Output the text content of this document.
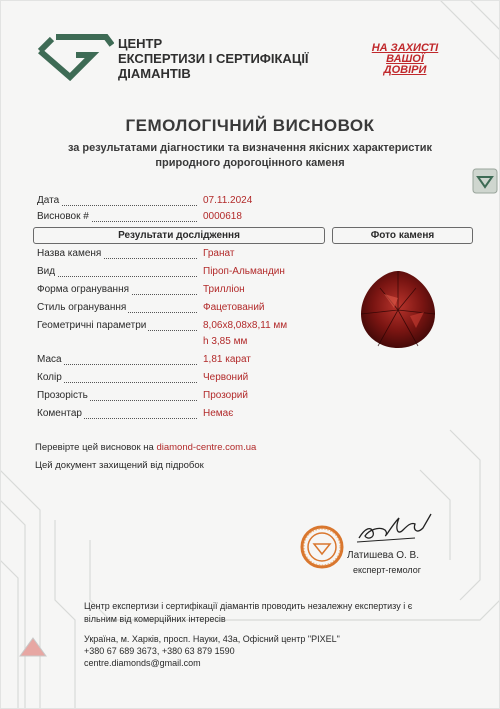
ЦЕНТР
ЕКСПЕРТИЗИ І СЕРТИФІКАЦІЇ
ДІАМАНТІВ
НА ЗАХИСТІ
ВАШОЇ
ДОВІРИ
ГЕМОЛОГІЧНИЙ ВИСНОВОК
за результатами діагностики та визначення якісних характеристик
природного дорогоцінного каменя
Дата	07.11.2024
Висновок #	0000618
Результати дослідження	Фото каменя
Назва каменя	Гранат
Вид	Піроп-Альмандин
Форма огранування	Трилліон
Стиль огранування	Фацетований
Геометричні параметри	8,06х8,08х8,11 мм
h 3,85 мм
Маса	1,81 карат
Колір	Червоний
Прозорість	Прозорий
Коментар	Немає
Перевірте цей висновок на diamond-centre.com.ua
Цей документ захищений від підробок
Латишева О. В.
експерт-гемолог
Центр експертизи і сертифікації діамантів проводить незалежну експертизу і є вільним від комерційних інтересів
Україна, м. Харків, просп. Науки, 43а, Офісний центр "PIXEL"
+380 67 689 3673, +380 63 879 1590
centre.diamonds@gmail.com
